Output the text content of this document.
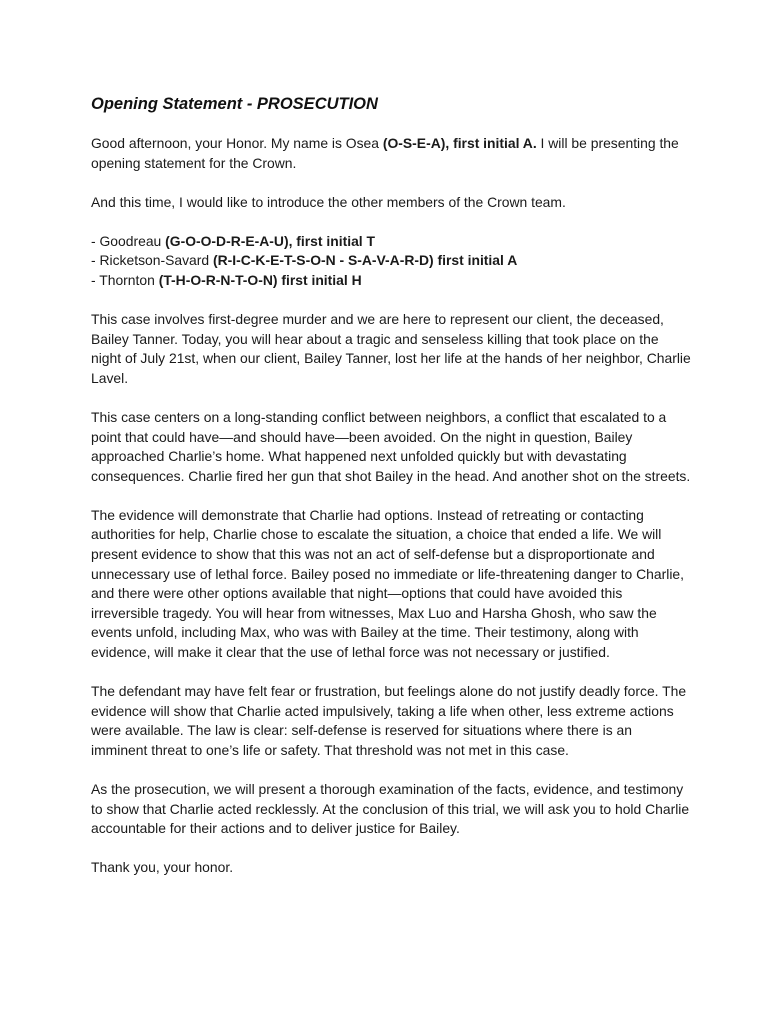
Opening Statement - PROSECUTION

Good afternoon, your Honor. My name is Osea (O-S-E-A), first initial A. I will be presenting the opening statement for the Crown.

And this time, I would like to introduce the other members of the Crown team.

- Goodreau (G-O-O-D-R-E-A-U), first initial T
- Ricketson-Savard (R-I-C-K-E-T-S-O-N - S-A-V-A-R-D) first initial A
- Thornton (T-H-O-R-N-T-O-N) first initial H

This case involves first-degree murder and we are here to represent our client, the deceased, Bailey Tanner. Today, you will hear about a tragic and senseless killing that took place on the night of July 21st, when our client, Bailey Tanner, lost her life at the hands of her neighbor, Charlie Lavel.

This case centers on a long-standing conflict between neighbors, a conflict that escalated to a point that could have—and should have—been avoided. On the night in question, Bailey approached Charlie’s home. What happened next unfolded quickly but with devastating consequences. Charlie fired her gun that shot Bailey in the head. And another shot on the streets.

The evidence will demonstrate that Charlie had options. Instead of retreating or contacting authorities for help, Charlie chose to escalate the situation, a choice that ended a life. We will present evidence to show that this was not an act of self-defense but a disproportionate and unnecessary use of lethal force. Bailey posed no immediate or life-threatening danger to Charlie, and there were other options available that night—options that could have avoided this irreversible tragedy. You will hear from witnesses, Max Luo and Harsha Ghosh, who saw the events unfold, including Max, who was with Bailey at the time. Their testimony, along with evidence, will make it clear that the use of lethal force was not necessary or justified.

The defendant may have felt fear or frustration, but feelings alone do not justify deadly force. The evidence will show that Charlie acted impulsively, taking a life when other, less extreme actions were available. The law is clear: self-defense is reserved for situations where there is an imminent threat to one’s life or safety. That threshold was not met in this case.

As the prosecution, we will present a thorough examination of the facts, evidence, and testimony to show that Charlie acted recklessly. At the conclusion of this trial, we will ask you to hold Charlie accountable for their actions and to deliver justice for Bailey.

Thank you, your honor.
